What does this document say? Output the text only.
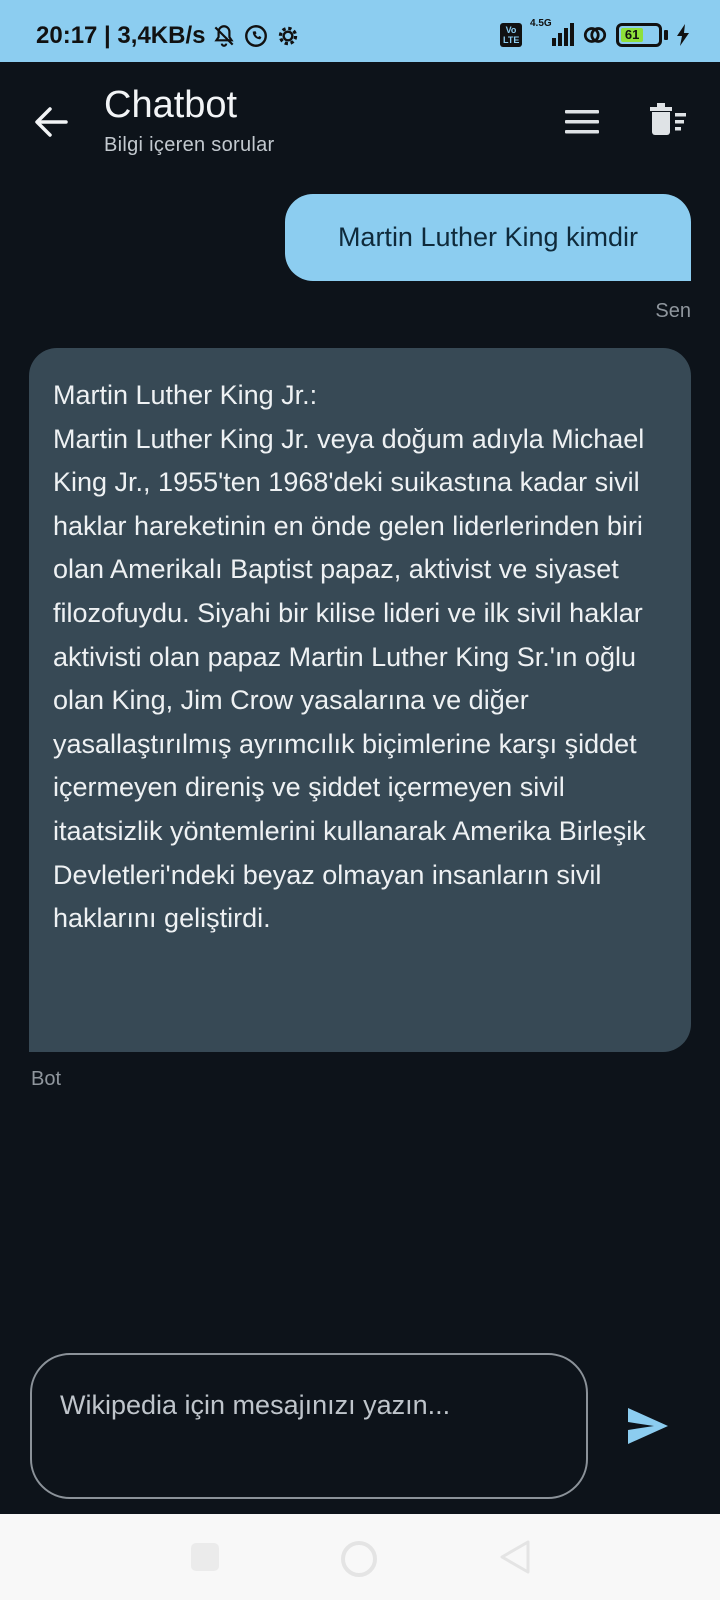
20:17 | 3,4KB/s	Vo LTE
4.5G
61
Chatbot
Bilgi içeren sorular
Martin Luther King kimdir
Sen
Martin Luther King Jr.:
Martin Luther King Jr. veya doğum adıyla Michael King Jr., 1955'ten 1968'deki suikastına kadar sivil haklar hareketinin en önde gelen liderlerinden biri olan Amerikalı Baptist papaz, aktivist ve siyaset filozofuydu. Siyahi bir kilise lideri ve ilk sivil haklar aktivisti olan papaz Martin Luther King Sr.'ın oğlu olan King, Jim Crow yasalarına ve diğer yasallaştırılmış ayrımcılık biçimlerine karşı şiddet içermeyen direniş ve şiddet içermeyen sivil itaatsizlik yöntemlerini kullanarak Amerika Birleşik Devletleri'ndeki beyaz olmayan insanların sivil haklarını geliştirdi.
Bot
Wikipedia için mesajınızı yazın...
